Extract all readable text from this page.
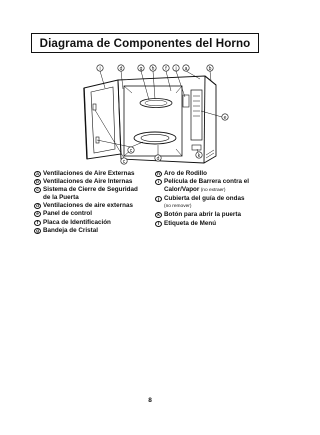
Diagrama de Componentes del Horno
i	d	g h f j a	b
e
c
d	k
c
a Ventilaciones de Aire Externas
b Ventilaciones de Aire Internas
c Sistema de Cierre de Seguridad
de la Puerta
d Ventilaciones de aire externas
e Panel de control
f Placa de Identificación
g Bandeja de Cristal
h Aro de Rodillo
i Película de Barrera contra el
Calor/Vapor (no extraer)
j Cubierta del guía de ondas
(no remover)
k Botón para abrir la puerta
l Etiqueta de Menú
8
